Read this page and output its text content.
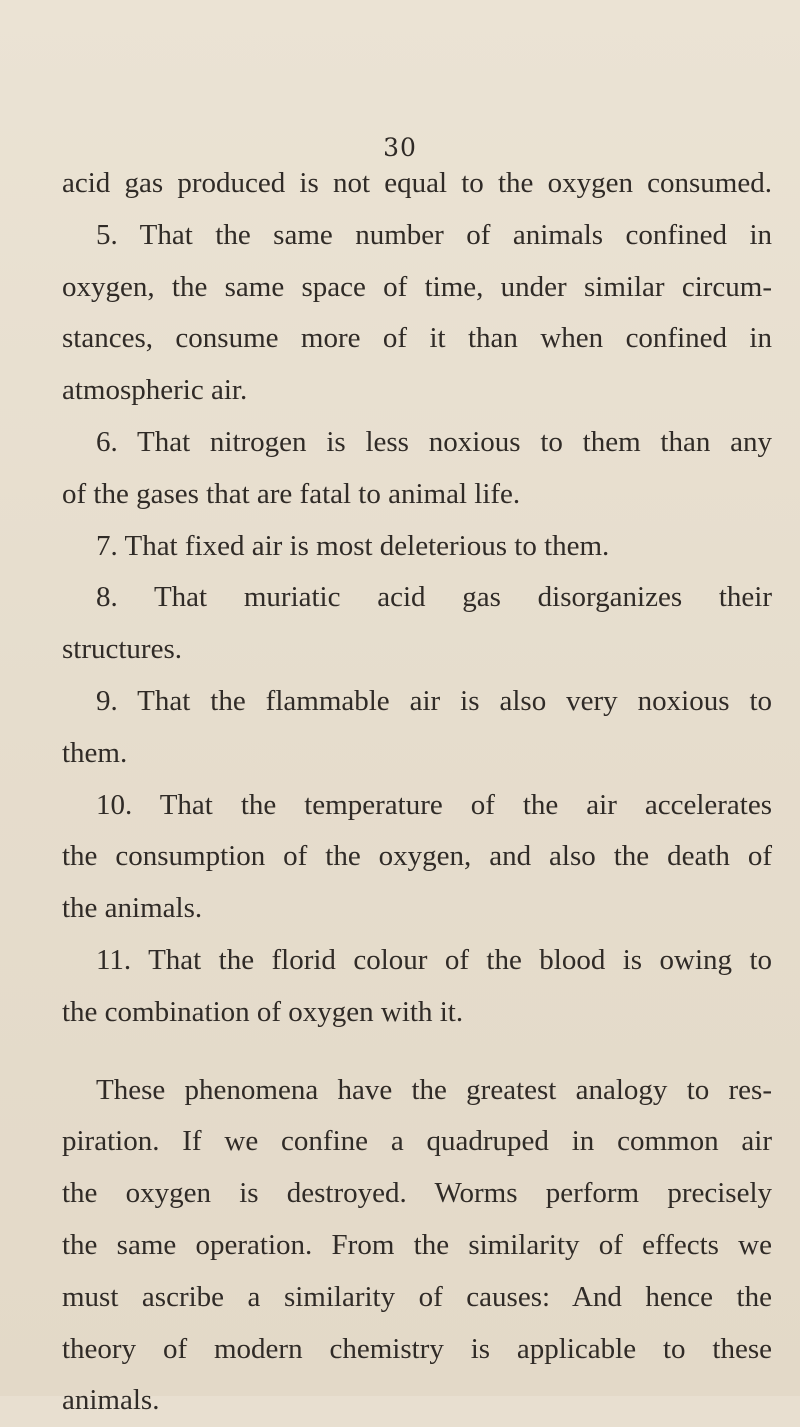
30
acid gas produced is not equal to the oxygen consumed.
5. That the same number of animals confined in
oxygen, the same space of time, under similar circum-
stances, consume more of it than when confined in
atmospheric air.
6. That nitrogen is less noxious to them than any
of the gases that are fatal to animal life.
7. That fixed air is most deleterious to them.
8. That muriatic acid gas disorganizes their
structures.
9. That the flammable air is also very noxious to
them.
10. That the temperature of the air accelerates
the consumption of the oxygen, and also the death of
the animals.
11. That the florid colour of the blood is owing to
the combination of oxygen with it.
These phenomena have the greatest analogy to res-
piration. If we confine a quadruped in common air
the oxygen is destroyed. Worms perform precisely
the same operation. From the similarity of effects we
must ascribe a similarity of causes: And hence the
theory of modern chemistry is applicable to these
animals.
